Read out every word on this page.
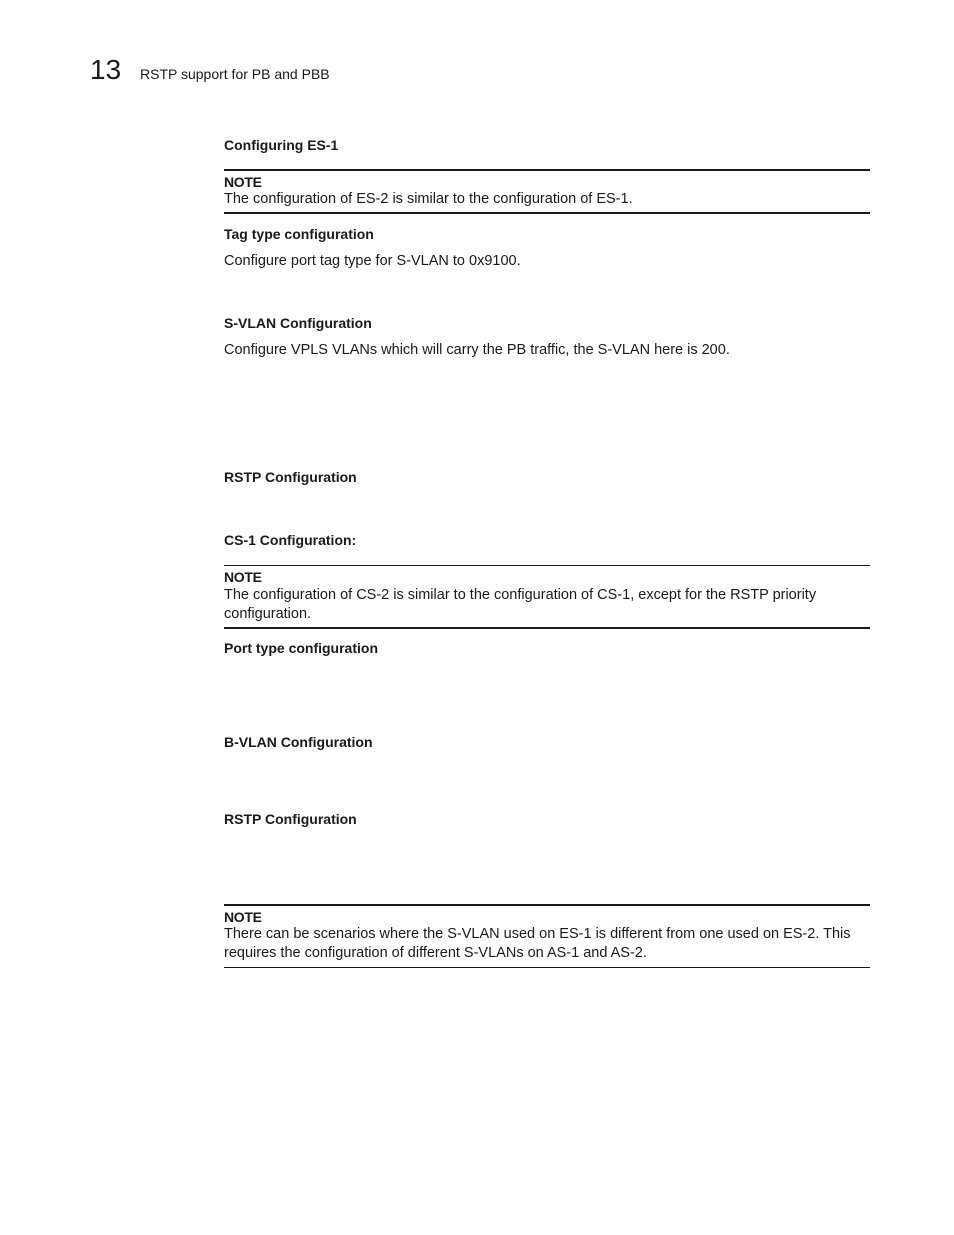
13 RSTP support for PB and PBB
Configuring ES-1
NOTE
The configuration of ES-2 is similar to the configuration of ES-1.
Tag type configuration
Configure port tag type for S-VLAN to 0x9100.
S-VLAN Configuration
Configure VPLS VLANs which will carry the PB traffic, the S-VLAN here is 200.
RSTP Configuration
CS-1 Configuration:
NOTE
The configuration of CS-2 is similar to the configuration of CS-1, except for the RSTP priority configuration.
Port type configuration
B-VLAN Configuration
RSTP Configuration
NOTE
There can be scenarios where the S-VLAN used on ES-1 is different from one used on ES-2. This requires the configuration of different S-VLANs on AS-1 and AS-2.
